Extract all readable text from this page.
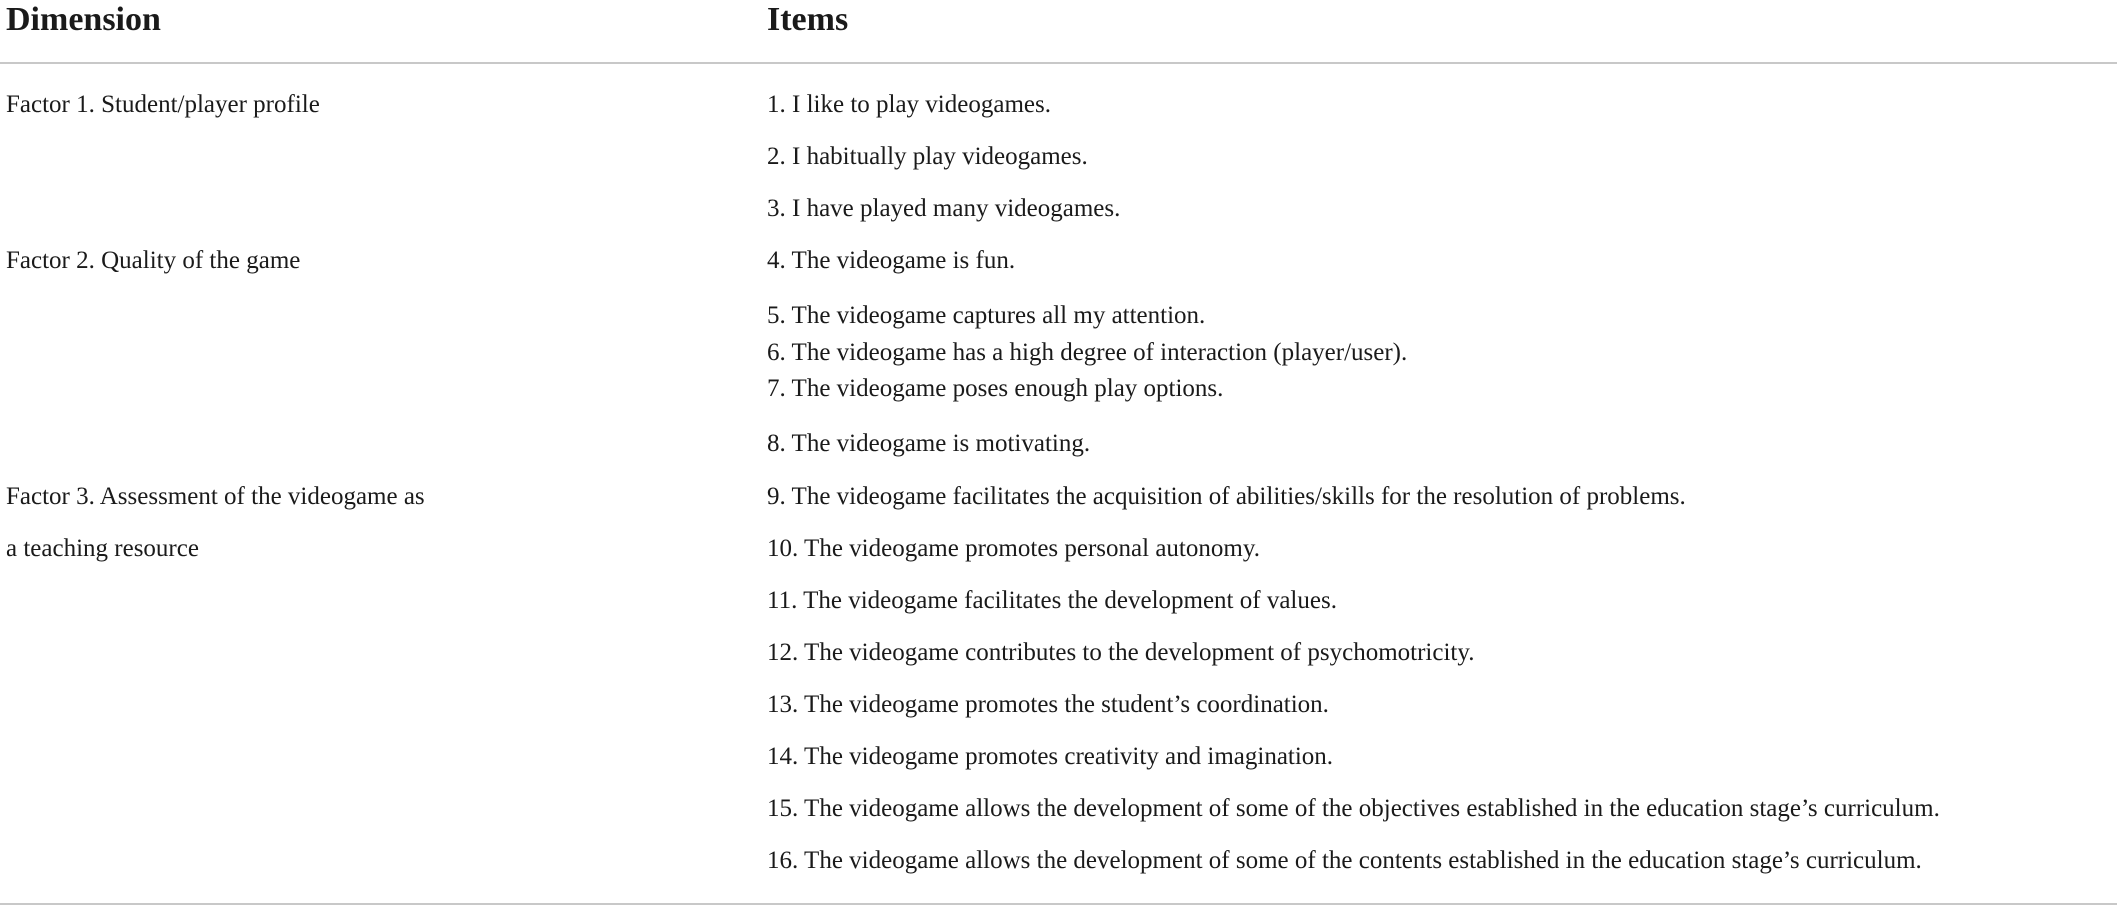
Dimension	Items
Factor 1. Student/player profile
Factor 2. Quality of the game
Factor 3. Assessment of the videogame as
a teaching resource
1. I like to play videogames.
2. I habitually play videogames.
3. I have played many videogames.
4. The videogame is fun.
5. The videogame captures all my attention.
6. The videogame has a high degree of interaction (player/user).
7. The videogame poses enough play options.
8. The videogame is motivating.
9. The videogame facilitates the acquisition of abilities/skills for the resolution of problems.
10. The videogame promotes personal autonomy.
11. The videogame facilitates the development of values.
12. The videogame contributes to the development of psychomotricity.
13. The videogame promotes the student’s coordination.
14. The videogame promotes creativity and imagination.
15. The videogame allows the development of some of the objectives established in the education stage’s curriculum.
16. The videogame allows the development of some of the contents established in the education stage’s curriculum.
